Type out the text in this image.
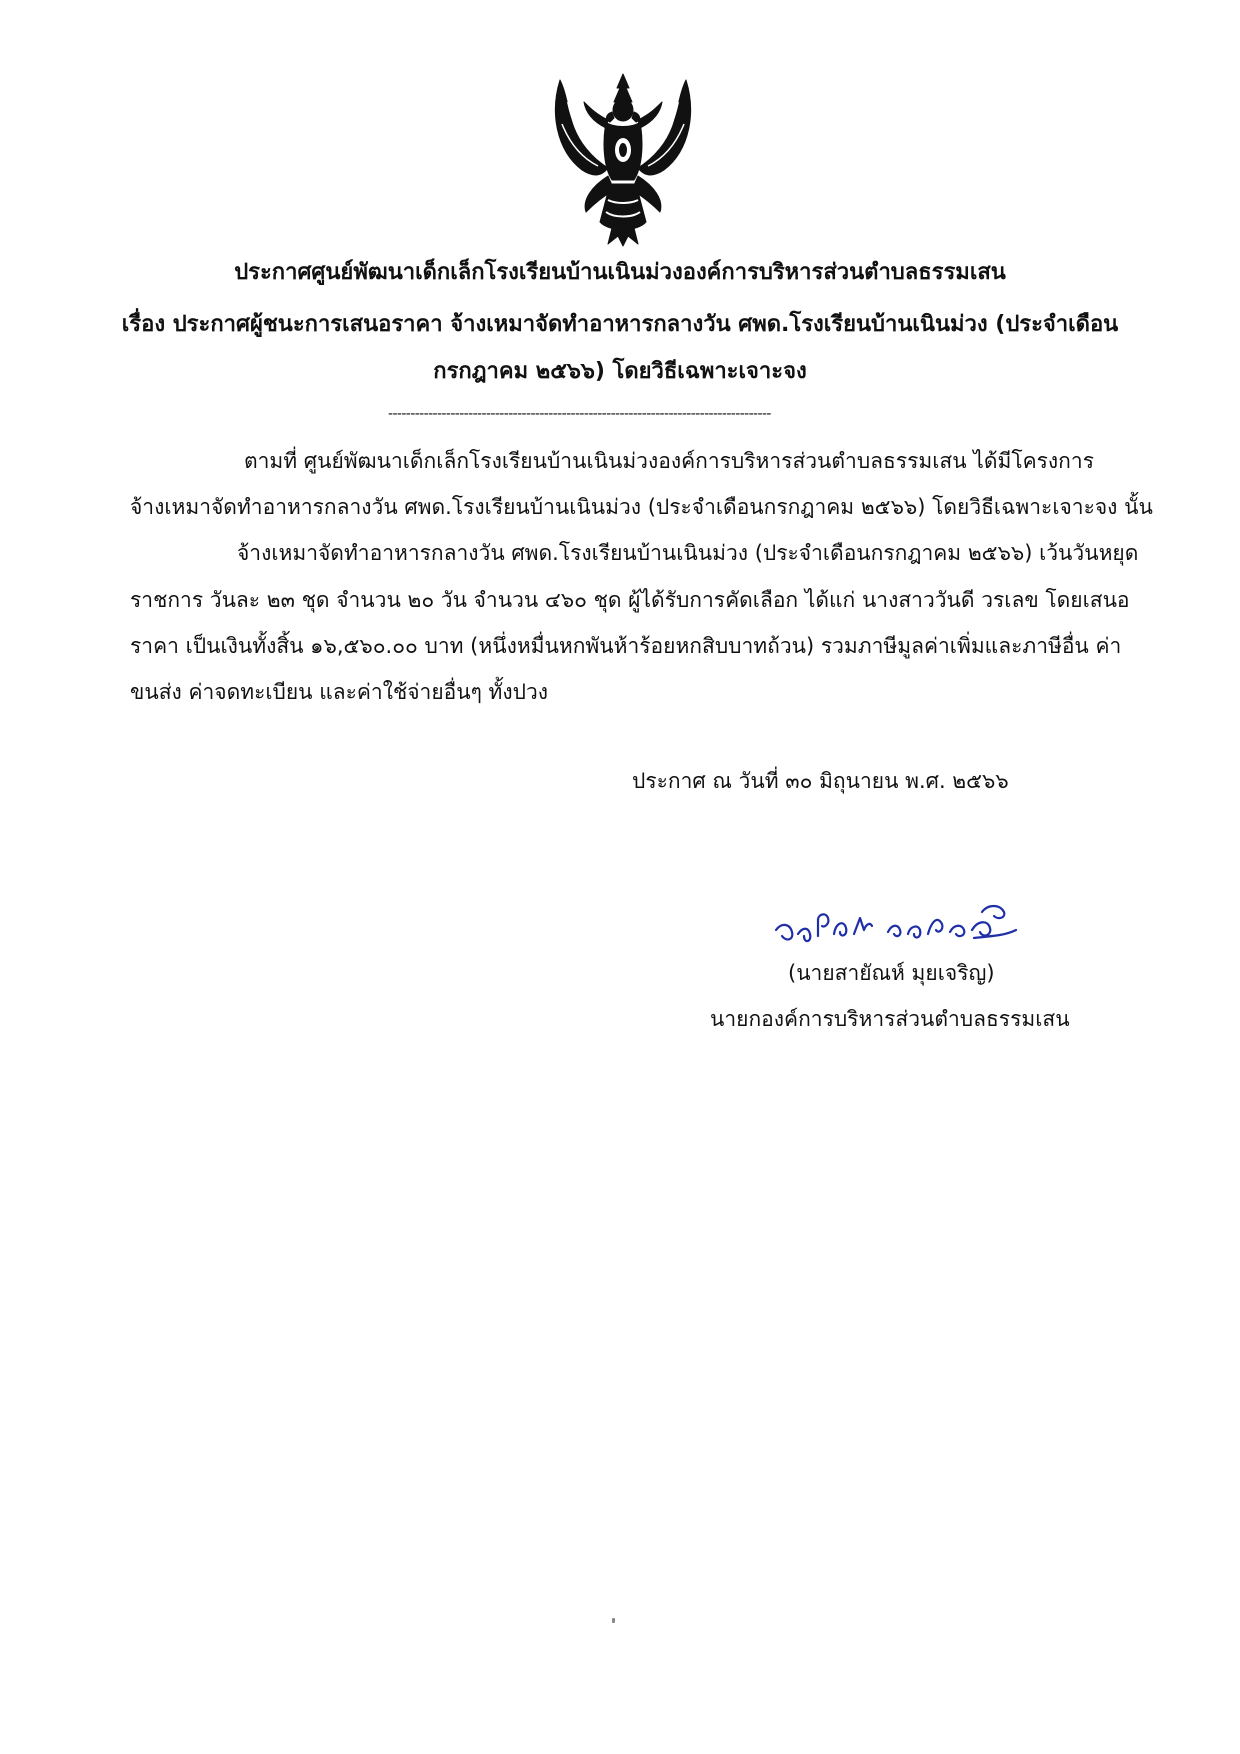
ประกาศศูนย์พัฒนาเด็กเล็กโรงเรียนบ้านเนินม่วงองค์การบริหารส่วนตำบลธรรมเสน
เรื่อง ประกาศผู้ชนะการเสนอราคา จ้างเหมาจัดทำอาหารกลางวัน ศพด.โรงเรียนบ้านเนินม่วง (ประจำเดือน
กรกฎาคม ๒๕๖๖) โดยวิธีเฉพาะเจาะจง
--------------------------------------------------------------------------------------
ตามที่ ศูนย์พัฒนาเด็กเล็กโรงเรียนบ้านเนินม่วงองค์การบริหารส่วนตำบลธรรมเสน ได้มีโครงการ
จ้างเหมาจัดทำอาหารกลางวัน ศพด.โรงเรียนบ้านเนินม่วง (ประจำเดือนกรกฎาคม ๒๕๖๖) โดยวิธีเฉพาะเจาะจง นั้น
จ้างเหมาจัดทำอาหารกลางวัน ศพด.โรงเรียนบ้านเนินม่วง (ประจำเดือนกรกฎาคม ๒๕๖๖) เว้นวันหยุด
ราชการ วันละ ๒๓ ชุด จำนวน ๒๐ วัน จำนวน ๔๖๐ ชุด ผู้ได้รับการคัดเลือก ได้แก่ นางสาววันดี วรเลข โดยเสนอ
ราคา เป็นเงินทั้งสิ้น ๑๖,๕๖๐.๐๐ บาท (หนึ่งหมื่นหกพันห้าร้อยหกสิบบาทถ้วน) รวมภาษีมูลค่าเพิ่มและภาษีอื่น ค่า
ขนส่ง ค่าจดทะเบียน และค่าใช้จ่ายอื่นๆ ทั้งปวง
ประกาศ ณ วันที่ ๓๐ มิถุนายน พ.ศ. ๒๕๖๖
(นายสายัณห์ มุยเจริญ)
นายกองค์การบริหารส่วนตำบลธรรมเสน
